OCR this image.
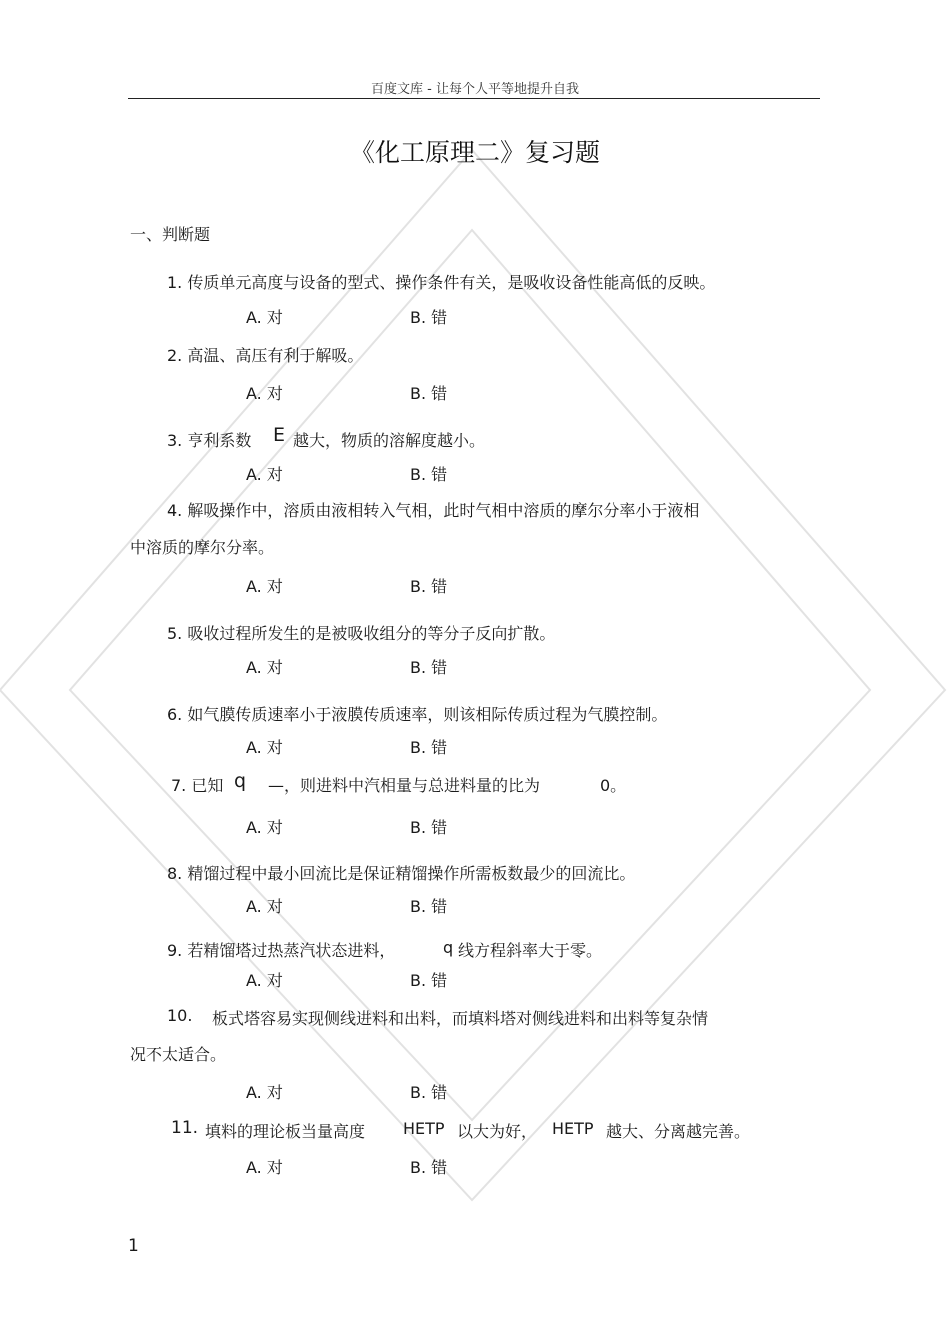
百度文库 - 让每个人平等地提升自我
《化工原理二》复习题
一、判断题
1. 传质单元高度与设备的型式、操作条件有关，是吸收设备性能高低的反映。
A. 对	B. 错
2. 高温、高压有利于解吸。
A. 对	B. 错
3. 亨利系数 E 越大，物质的溶解度越小。
A. 对	B. 错
4. 解吸操作中，溶质由液相转入气相，此时气相中溶质的摩尔分率小于液相
中溶质的摩尔分率。
A. 对	B. 错
5. 吸收过程所发生的是被吸收组分的等分子反向扩散。
A. 对	B. 错
6. 如气膜传质速率小于液膜传质速率，则该相际传质过程为气膜控制。
A. 对	B. 错
7. 已知 q —，则进料中汽相量与总进料量的比为	0。
A. 对	B. 错
8. 精馏过程中最小回流比是保证精馏操作所需板数最少的回流比。
A. 对	B. 错
9. 若精馏塔过热蒸汽状态进料，	q 线方程斜率大于零。
A. 对	B. 错
10. 板式塔容易实现侧线进料和出料，而填料塔对侧线进料和出料等复杂情
况不太适合。
A. 对	B. 错
11. 填料的理论板当量高度 HETP 以大为好， HETP 越大、分离越完善。
A. 对	B. 错
1
